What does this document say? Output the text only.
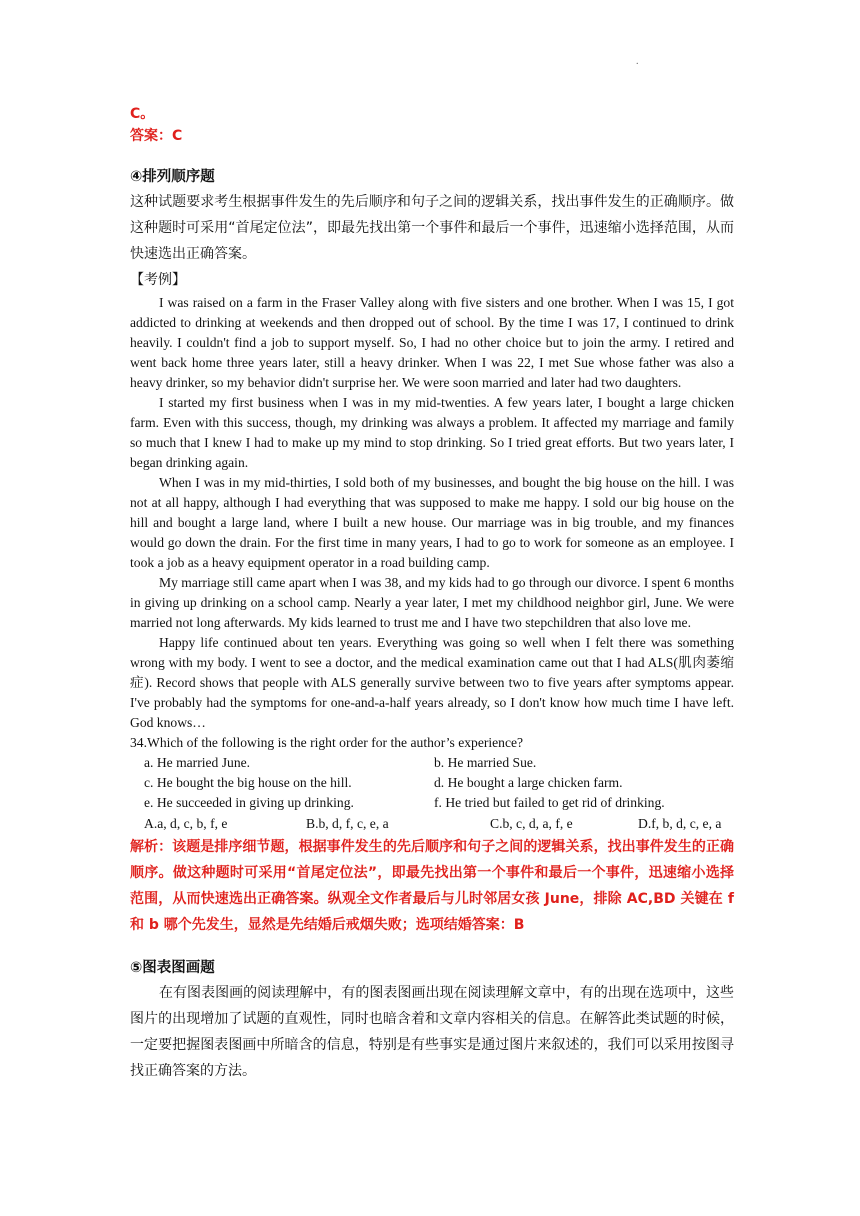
.
C。
答案：C
④排列顺序题

这种试题要求考生根据事件发生的先后顺序和句子之间的逻辑关系，找出事件发生的正确顺序。做这种题时可采用“首尾定位法”，即最先找出第一个事件和最后一个事件，迅速缩小选择范围，从而快速选出正确答案。

【考例】

I was raised on a farm in the Fraser Valley along with five sisters and one brother. When I was 15, I got addicted to drinking at weekends and then dropped out of school. By the time I was 17, I continued to drink heavily. I couldn't find a job to support myself. So, I had no other choice but to join the army. I retired and went back home three years later, still a heavy drinker. When I was 22, I met Sue whose father was also a heavy drinker, so my behavior didn't surprise her. We were soon married and later had two daughters.

I started my first business when I was in my mid-twenties. A few years later, I bought a large chicken farm. Even with this success, though, my drinking was always a problem. It affected my marriage and family so much that I knew I had to make up my mind to stop drinking. So I tried great efforts. But two years later, I began drinking again.

When I was in my mid-thirties, I sold both of my businesses, and bought the big house on the hill. I was not at all happy, although I had everything that was supposed to make me happy. I sold our big house on the hill and bought a large land, where I built a new house. Our marriage was in big trouble, and my finances would go down the drain. For the first time in many years, I had to go to work for someone as an employee. I took a job as a heavy equipment operator in a road building camp.

My marriage still came apart when I was 38, and my kids had to go through our divorce. I spent 6 months in giving up drinking on a school camp. Nearly a year later, I met my childhood neighbor girl, June. We were married not long afterwards. My kids learned to trust me and I have two stepchildren that also love me.

Happy life continued about ten years. Everything was going so well when I felt there was something wrong with my body. I went to see a doctor, and the medical examination came out that I had ALS(肌肉萎缩症). Record shows that people with ALS generally survive between two to five years after symptoms appear. I've probably had the symptoms for one-and-a-half years already, so I don't know how much time I have left. God knows…

34.Which of the following is the right order for the author’s experience?
a. He married June.	b. He married Sue.
c. He bought the big house on the hill.	d. He bought a large chicken farm.
e. He succeeded in giving up drinking.	f. He tried but failed to get rid of drinking.
A.a, d, c, b, f, e	B.b, d, f, c, e, a	C.b, c, d, a, f, e	D.f, b, d, c, e, a

解析：该题是排序细节题，根据事件发生的先后顺序和句子之间的逻辑关系，找出事件发生的正确顺序。做这种题时可采用“首尾定位法”，即最先找出第一个事件和最后一个事件，迅速缩小选择范围，从而快速选出正确答案。纵观全文作者最后与儿时邻居女孩 June，排除 AC,BD 关键在 f 和 b 哪个先发生，显然是先结婚后戒烟失败；选项结婚答案：B

⑤图表图画题

在有图表图画的阅读理解中，有的图表图画出现在阅读理解文章中，有的出现在选项中，这些图片的出现增加了试题的直观性，同时也暗含着和文章内容相关的信息。在解答此类试题的时候，一定要把握图表图画中所暗含的信息，特别是有些事实是通过图片来叙述的，我们可以采用按图寻找正确答案的方法。
